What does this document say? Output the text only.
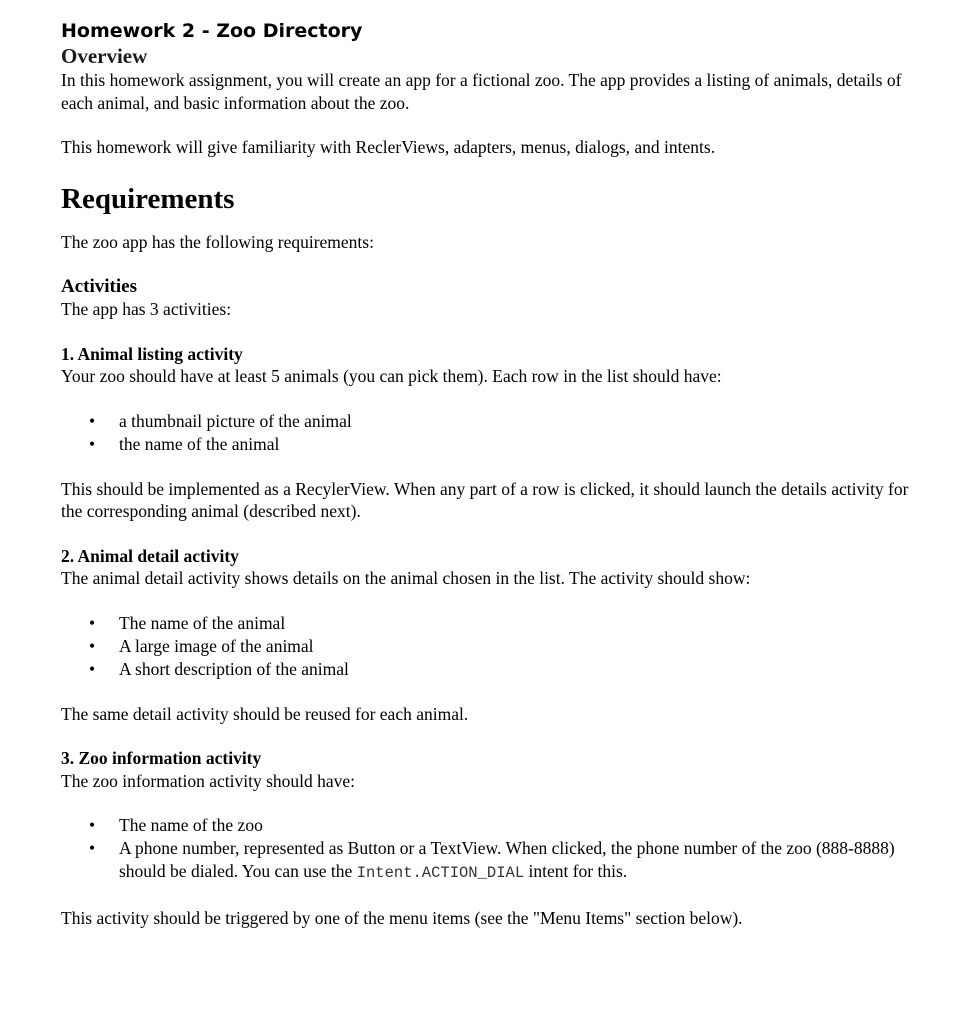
Homework 2 - Zoo Directory
Overview

In this homework assignment, you will create an app for a fictional zoo. The app provides a listing of animals, details of each animal, and basic information about the zoo.

This homework will give familiarity with ReclerViews, adapters, menus, dialogs, and intents.

Requirements

The zoo app has the following requirements:

Activities

The app has 3 activities:

1. Animal listing activity

Your zoo should have at least 5 animals (you can pick them). Each row in the list should have:

• a thumbnail picture of the animal
• the name of the animal

This should be implemented as a RecylerView. When any part of a row is clicked, it should launch the details activity for the corresponding animal (described next).

2. Animal detail activity

The animal detail activity shows details on the animal chosen in the list. The activity should show:

• The name of the animal
• A large image of the animal
• A short description of the animal

The same detail activity should be reused for each animal.

3. Zoo information activity

The zoo information activity should have:

• The name of the zoo
• A phone number, represented as Button or a TextView. When clicked, the phone number of the zoo (888-8888) should be dialed. You can use the Intent.ACTION_DIAL intent for this.

This activity should be triggered by one of the menu items (see the "Menu Items" section below).
